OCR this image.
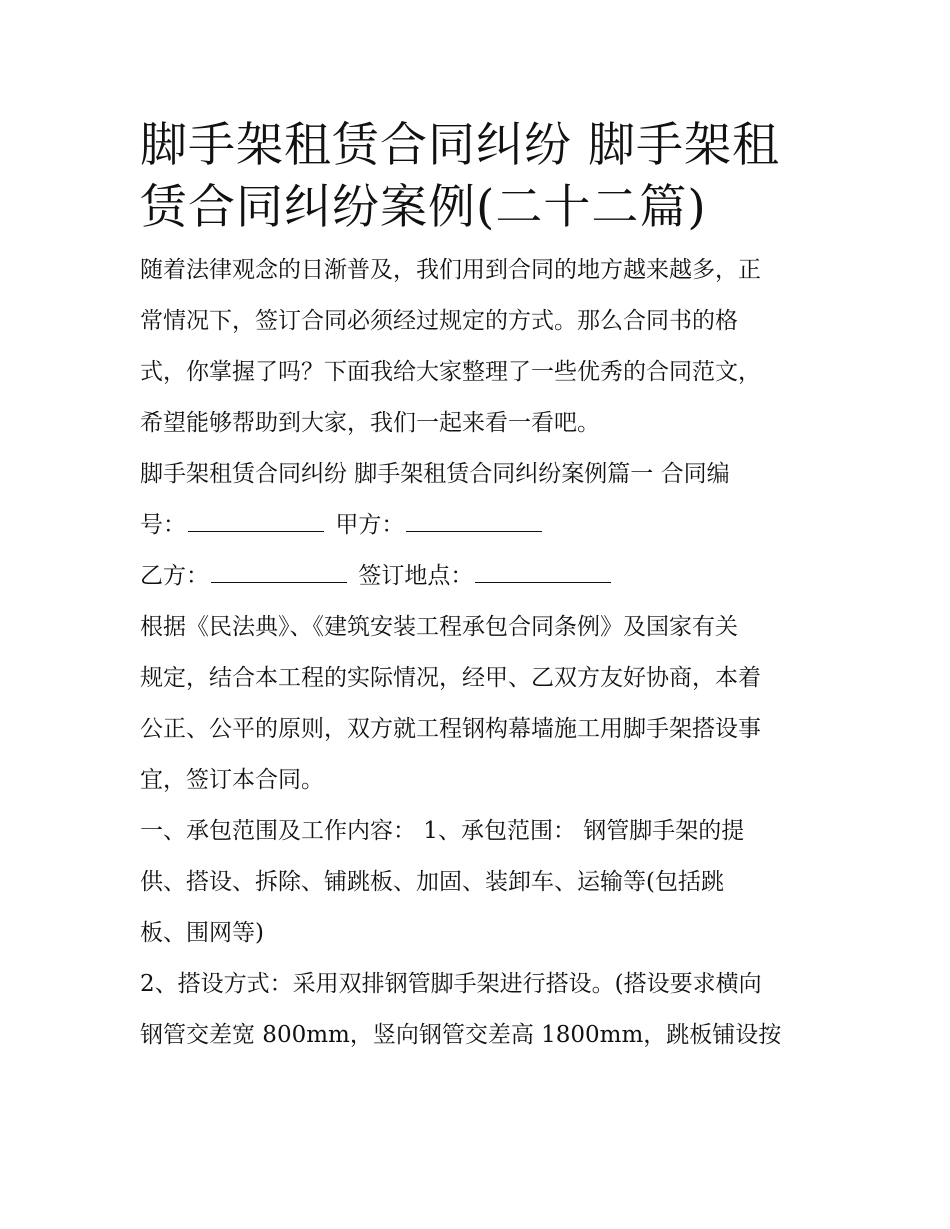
脚手架租赁合同纠纷 脚手架租
赁合同纠纷案例(二十二篇)

随着法律观念的日渐普及，我们用到合同的地方越来越多，正
常情况下，签订合同必须经过规定的方式。那么合同书的格
式，你掌握了吗？下面我给大家整理了一些优秀的合同范文，
希望能够帮助到大家，我们一起来看一看吧。

脚手架租赁合同纠纷 脚手架租赁合同纠纷案例篇一 合同编
号：	甲方：
乙方：	签订地点：

根据《民法典》、《建筑安装工程承包合同条例》及国家有关
规定，结合本工程的实际情况，经甲、乙双方友好协商，本着
公正、公平的原则，双方就工程钢构幕墙施工用脚手架搭设事
宜，签订本合同。

一、承包范围及工作内容： 1、承包范围： 钢管脚手架的提
供、搭设、拆除、铺跳板、加固、装卸车、运输等(包括跳
板、围网等)

2、搭设方式：采用双排钢管脚手架进行搭设。(搭设要求横向
钢管交差宽 800mm，竖向钢管交差高 1800mm，跳板铺设按
